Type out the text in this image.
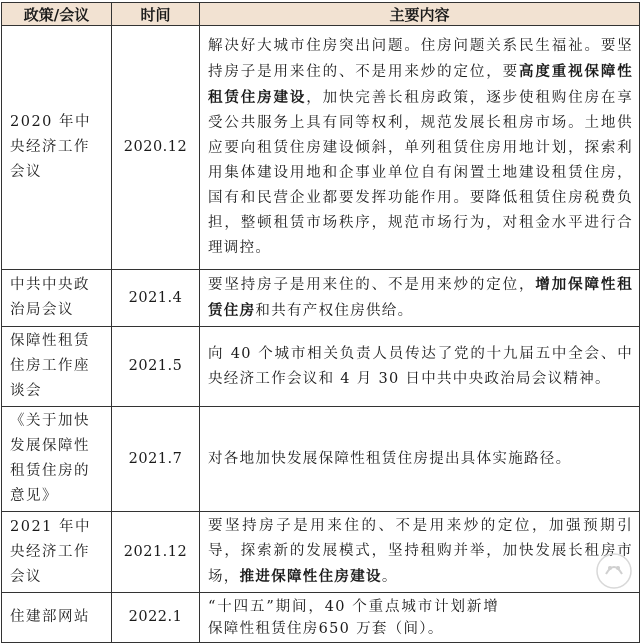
政策/会议	时间	主要内容
2020 年中央经济工作会议	2020.12	解决好大城市住房突出问题。住房问题关系民生福祉。要坚持房子是用来住的、不是用来炒的定位，要高度重视保障性租赁住房建设，加快完善长租房政策，逐步使租购住房在享受公共服务上具有同等权利，规范发展长租房市场。土地供应要向租赁住房建设倾斜，单列租赁住房用地计划，探索利用集体建设用地和企事业单位自有闲置土地建设租赁住房，国有和民营企业都要发挥功能作用。要降低租赁住房税费负担，整顿租赁市场秩序，规范市场行为，对租金水平进行合理调控。
中共中央政治局会议	2021.4	要坚持房子是用来住的、不是用来炒的定位，增加保障性租赁住房和共有产权住房供给。
保障性租赁住房工作座谈会	2021.5	向 40 个城市相关负责人员传达了党的十九届五中全会、中央经济工作会议和 4 月 30 日中共中央政治局会议精神。
《关于加快发展保障性租赁住房的意见》	2021.7	对各地加快发展保障性租赁住房提出具体实施路径。
2021 年中央经济工作会议	2021.12	要坚持房子是用来住的、不是用来炒的定位，加强预期引导，探索新的发展模式，坚持租购并举，加快发展长租房市场，推进保障性住房建设。
住建部网站	2022.1	“十四五”期间，40 个重点城市计划新增保障性租赁住房650 万套（间）。
